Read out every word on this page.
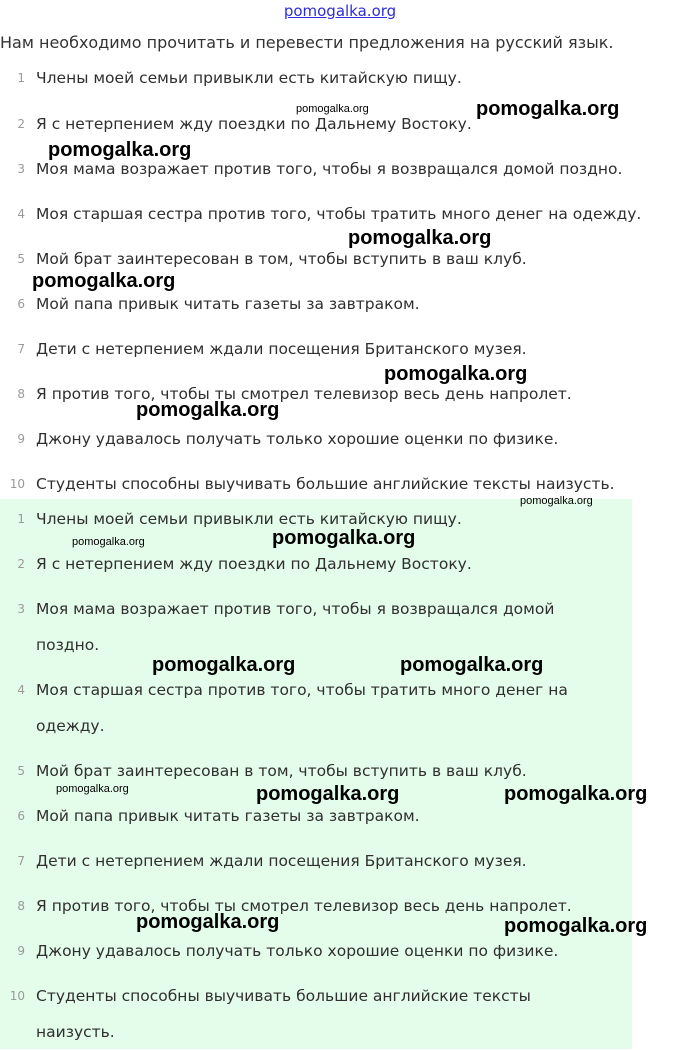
pomogalka.org
Нам необходимо прочитать и перевести предложения на русский язык.
1 Члены моей семьи привыкли есть китайскую пищу.
2 Я с нетерпением жду поездки по Дальнему Востоку.
3 Моя мама возражает против того, чтобы я возвращался домой поздно.
4 Моя старшая сестра против того, чтобы тратить много денег на одежду.
5 Мой брат заинтересован в том, чтобы вступить в ваш клуб.
6 Мой папа привык читать газеты за завтраком.
7 Дети с нетерпением ждали посещения Британского музея.
8 Я против того, чтобы ты смотрел телевизор весь день напролет.
9 Джону удавалось получать только хорошие оценки по физике.
10 Студенты способны выучивать большие английские тексты наизусть.
1 Члены моей семьи привыкли есть китайскую пищу.
2 Я с нетерпением жду поездки по Дальнему Востоку.
3 Моя мама возражает против того, чтобы я возвращался домой поздно.
4 Моя старшая сестра против того, чтобы тратить много денег на одежду.
5 Мой брат заинтересован в том, чтобы вступить в ваш клуб.
6 Мой папа привык читать газеты за завтраком.
7 Дети с нетерпением ждали посещения Британского музея.
8 Я против того, чтобы ты смотрел телевизор весь день напролет.
9 Джону удавалось получать только хорошие оценки по физике.
10 Студенты способны выучивать большие английские тексты наизусть.
pomogalka.org	pomogalka.org
pomogalka.org
pomogalka.org
pomogalka.org
pomogalka.org
pomogalka.org
pomogalka.org
pomogalka.org
pomogalka.org
pomogalka.org	pomogalka.org
pomogalka.org	pomogalka.org	pomogalka.org
pomogalka.org	pomogalka.org
